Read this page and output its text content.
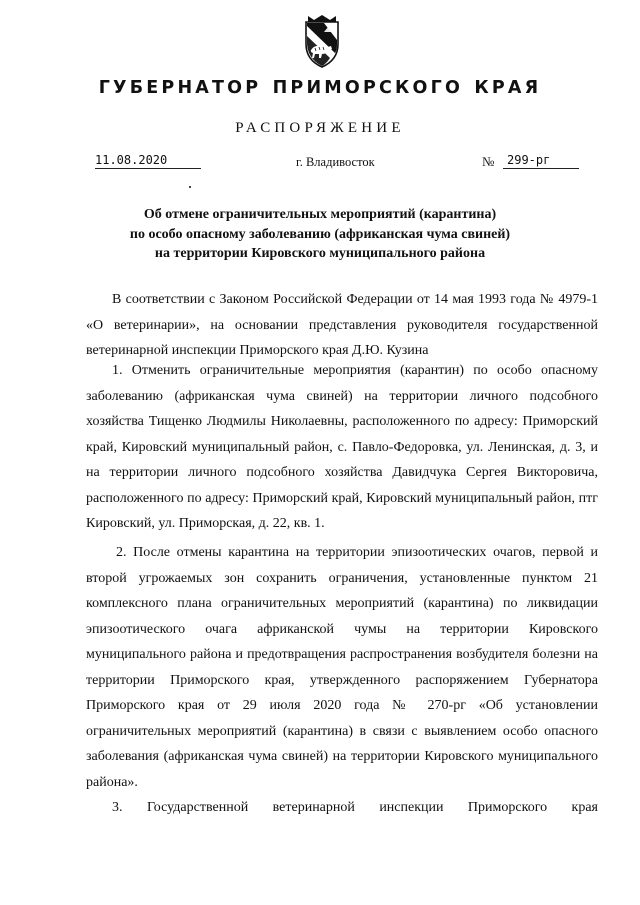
ГУБЕРНАТОР ПРИМОРСКОГО КРАЯ
РАСПОРЯЖЕНИЕ
11.08.2020	г. Владивосток	№	299-рг
Об отмене ограничительных мероприятий (карантина)
по особо опасному заболеванию (африканская чума свиней)
на территории Кировского муниципального района
В соответствии с Законом Российской Федерации от 14 мая 1993 года № 4979-1 «О ветеринарии», на основании представления руководителя государственной ветеринарной инспекции Приморского края Д.Ю. Кузина
1. Отменить ограничительные мероприятия (карантин) по особо опасному заболеванию (африканская чума свиней) на территории личного подсобного хозяйства Тищенко Людмилы Николаевны, расположенного по адресу: Приморский край, Кировский муниципальный район, с. Павло-Федоровка, ул. Ленинская, д. 3, и на территории личного подсобного хозяйства Давидчука Сергея Викторовича, расположенного по адресу: Приморский край, Кировский муниципальный район, птг Кировский, ул. Приморская, д. 22, кв. 1.
2. После отмены карантина на территории эпизоотических очагов, первой и второй угрожаемых зон сохранить ограничения, установленные пунктом 21 комплексного плана ограничительных мероприятий (карантина) по ликвидации эпизоотического очага африканской чумы на территории Кировского муниципального района и предотвращения распространения возбудителя болезни на территории Приморского края, утвержденного распоряжением Губернатора Приморского края от 29 июля 2020 года № 270-рг «Об установлении ограничительных мероприятий (карантина) в связи с выявлением особо опасного заболевания (африканская чума свиней) на территории Кировского муниципального района».
3. Государственной ветеринарной инспекции Приморского края
